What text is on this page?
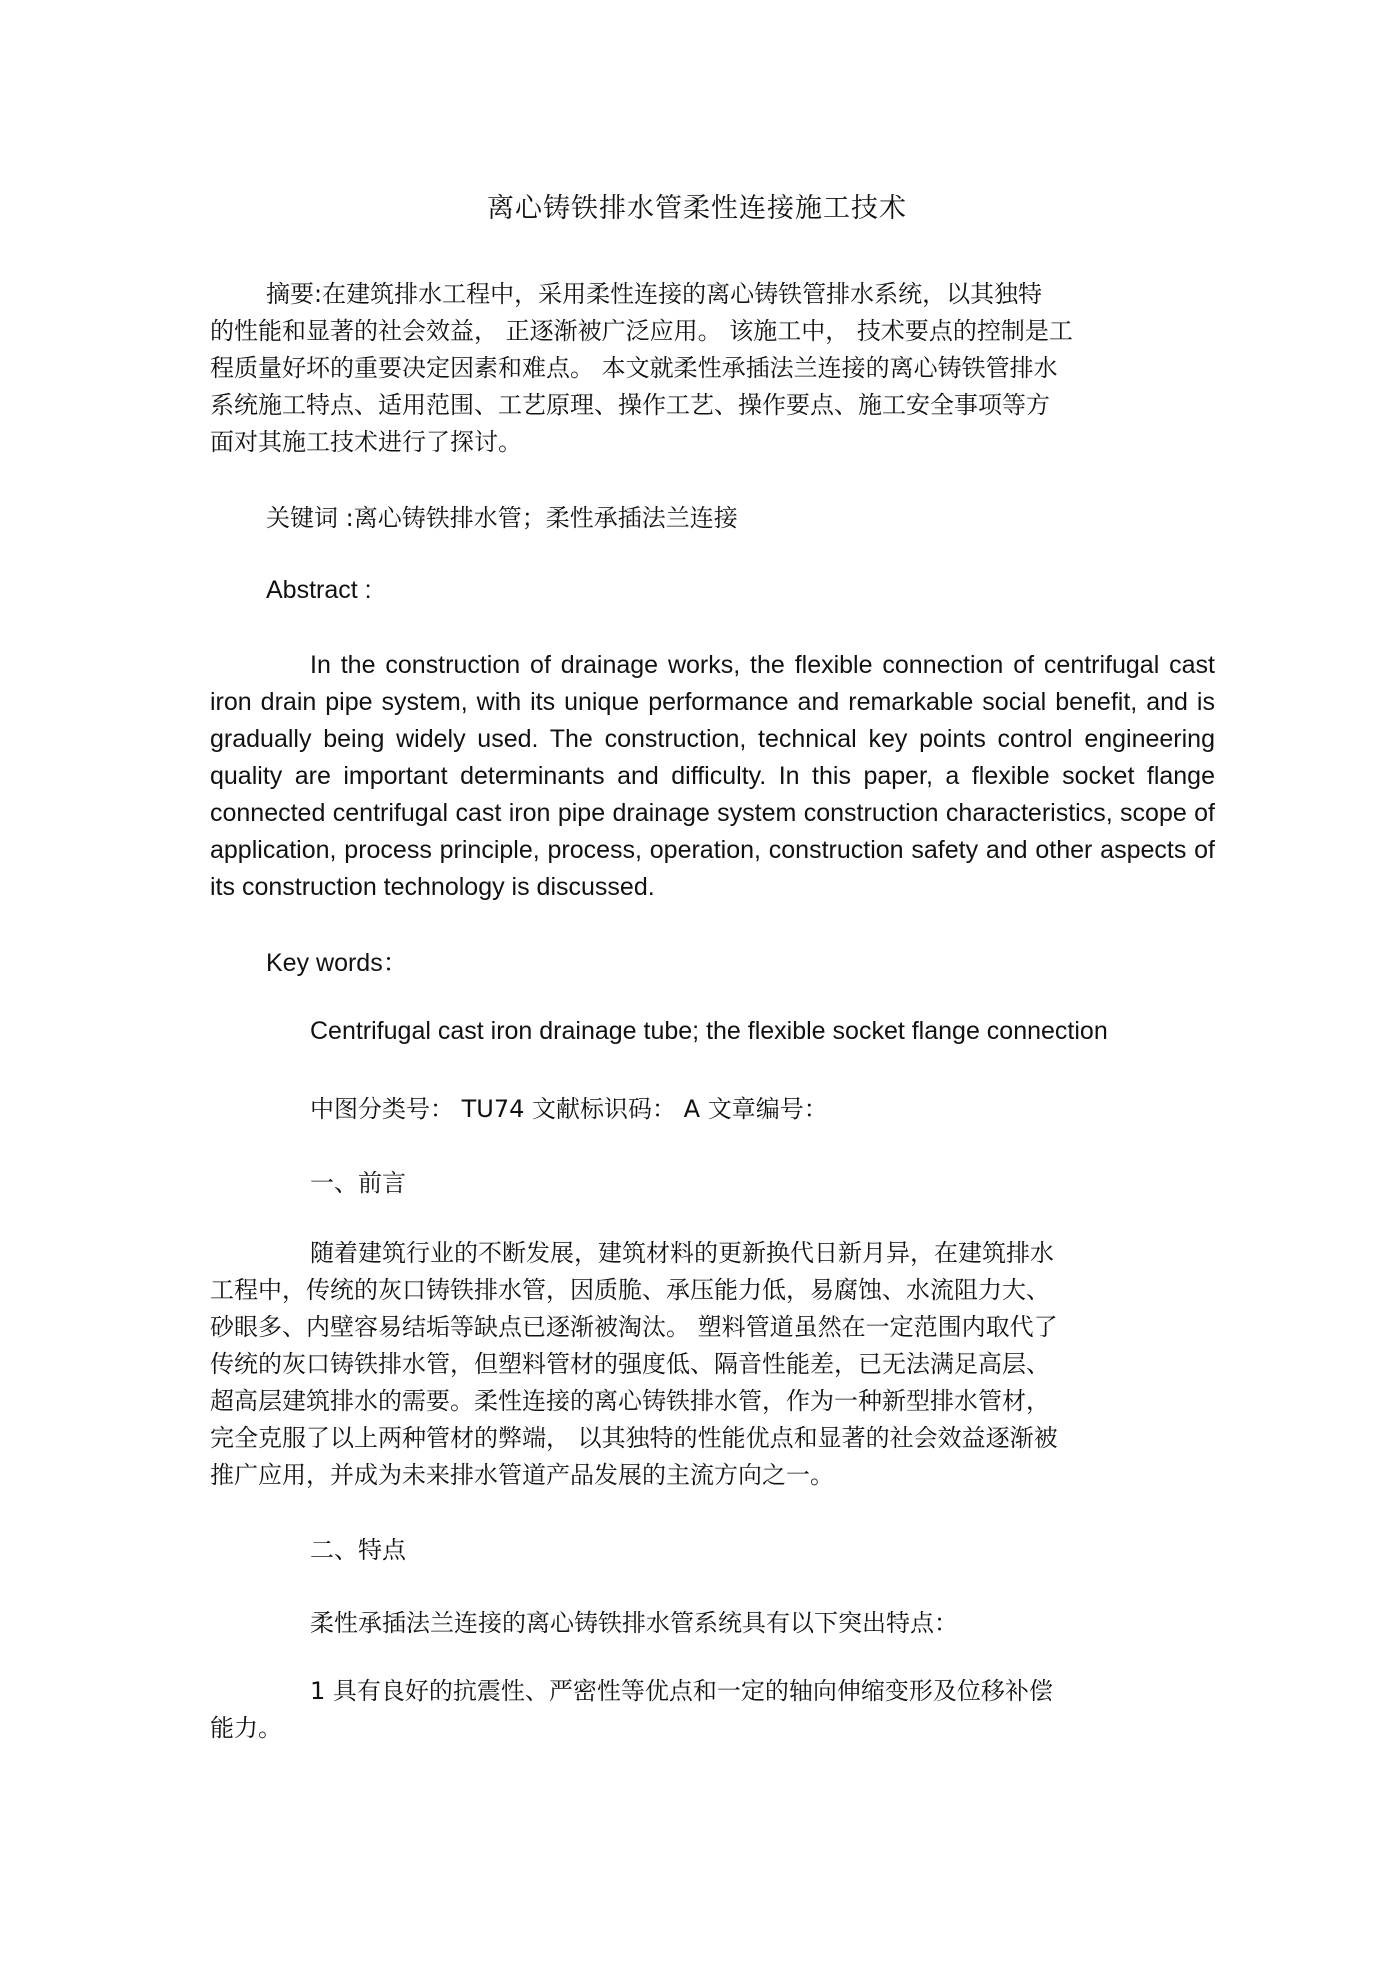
离心铸铁排水管柔性连接施工技术
摘要:在建筑排水工程中，采用柔性连接的离心铸铁管排水系统，以其独特
的性能和显著的社会效益， 正逐渐被广泛应用。 该施工中， 技术要点的控制是工
程质量好坏的重要决定因素和难点。 本文就柔性承插法兰连接的离心铸铁管排水
系统施工特点、适用范围、工艺原理、操作工艺、操作要点、施工安全事项等方
面对其施工技术进行了探讨。
关键词 :离心铸铁排水管；柔性承插法兰连接
Abstract :

In the construction of drainage works, the flexible connection of centrifugal cast iron drain pipe system, with its unique performance and remarkable social benefit, and is gradually being widely used. The construction, technical key points control engineering quality are important determinants and difficulty. In this paper, a flexible socket flange connected centrifugal cast iron pipe drainage system construction characteristics, scope of application, process principle, process, operation, construction safety and other aspects of its construction technology is discussed.

Key words：
Centrifugal cast iron drainage tube; the flexible socket flange connection
中图分类号： TU74 文献标识码： A 文章编号：
一、前言
随着建筑行业的不断发展，建筑材料的更新换代日新月异，在建筑排水
工程中，传统的灰口铸铁排水管，因质脆、承压能力低，易腐蚀、水流阻力大、
砂眼多、内壁容易结垢等缺点已逐渐被淘汰。 塑料管道虽然在一定范围内取代了
传统的灰口铸铁排水管，但塑料管材的强度低、隔音性能差，已无法满足高层、
超高层建筑排水的需要。柔性连接的离心铸铁排水管，作为一种新型排水管材，
完全克服了以上两种管材的弊端， 以其独特的性能优点和显著的社会效益逐渐被
推广应用，并成为未来排水管道产品发展的主流方向之一。
二、特点
柔性承插法兰连接的离心铸铁排水管系统具有以下突出特点：
1 具有良好的抗震性、严密性等优点和一定的轴向伸缩变形及位移补偿
能力。
